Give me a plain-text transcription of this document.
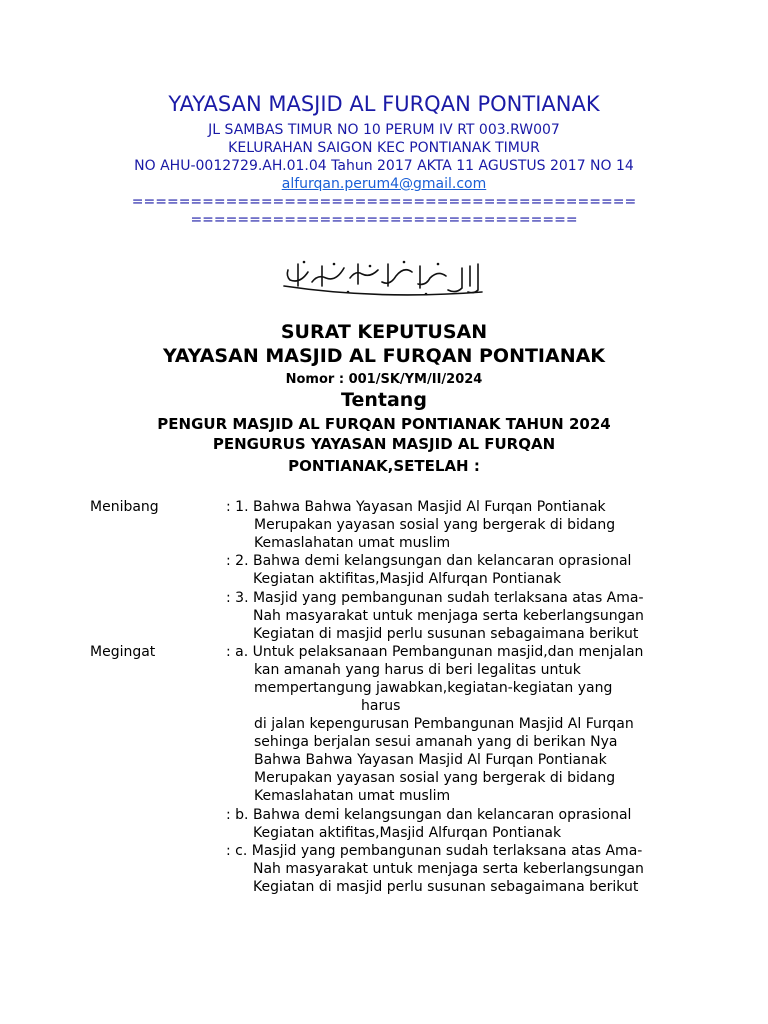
YAYASAN MASJID AL FURQAN PONTIANAK
JL SAMBAS TIMUR NO 10 PERUM IV RT 003.RW007
KELURAHAN SAIGON KEC PONTIANAK TIMUR
NO AHU-0012729.AH.01.04 Tahun 2017 AKTA 11 AGUSTUS 2017 NO 14
alfurqan.perum4@gmail.com
===========================================
=================================
SURAT KEPUTUSAN
YAYASAN MASJID AL FURQAN PONTIANAK
Nomor : 001/SK/YM/II/2024
Tentang
PENGUR MASJID AL FURQAN PONTIANAK TAHUN 2024
PENGURUS YAYASAN MASJID AL FURQAN
PONTIANAK,SETELAH :
Menibang	: 1. Bahwa Bahwa Yayasan Masjid Al Furqan Pontianak
Merupakan yayasan sosial yang bergerak di bidang
Kemaslahatan umat muslim
: 2. Bahwa demi kelangsungan dan kelancaran oprasional
Kegiatan aktifitas,Masjid Alfurqan Pontianak
: 3. Masjid yang pembangunan sudah terlaksana atas Ama-
Nah masyarakat untuk menjaga serta keberlangsungan
Kegiatan di masjid perlu susunan sebagaimana berikut
Megingat	: a. Untuk pelaksanaan Pembangunan masjid,dan menjalan
kan amanah yang harus di beri legalitas untuk
mempertangung jawabkan,kegiatan-kegiatan yang
harus
di jalan kepengurusan Pembangunan Masjid Al Furqan
sehinga berjalan sesui amanah yang di berikan Nya
Bahwa Bahwa Yayasan Masjid Al Furqan Pontianak
Merupakan yayasan sosial yang bergerak di bidang
Kemaslahatan umat muslim
: b. Bahwa demi kelangsungan dan kelancaran oprasional
Kegiatan aktifitas,Masjid Alfurqan Pontianak
: c. Masjid yang pembangunan sudah terlaksana atas Ama-
Nah masyarakat untuk menjaga serta keberlangsungan
Kegiatan di masjid perlu susunan sebagaimana berikut
